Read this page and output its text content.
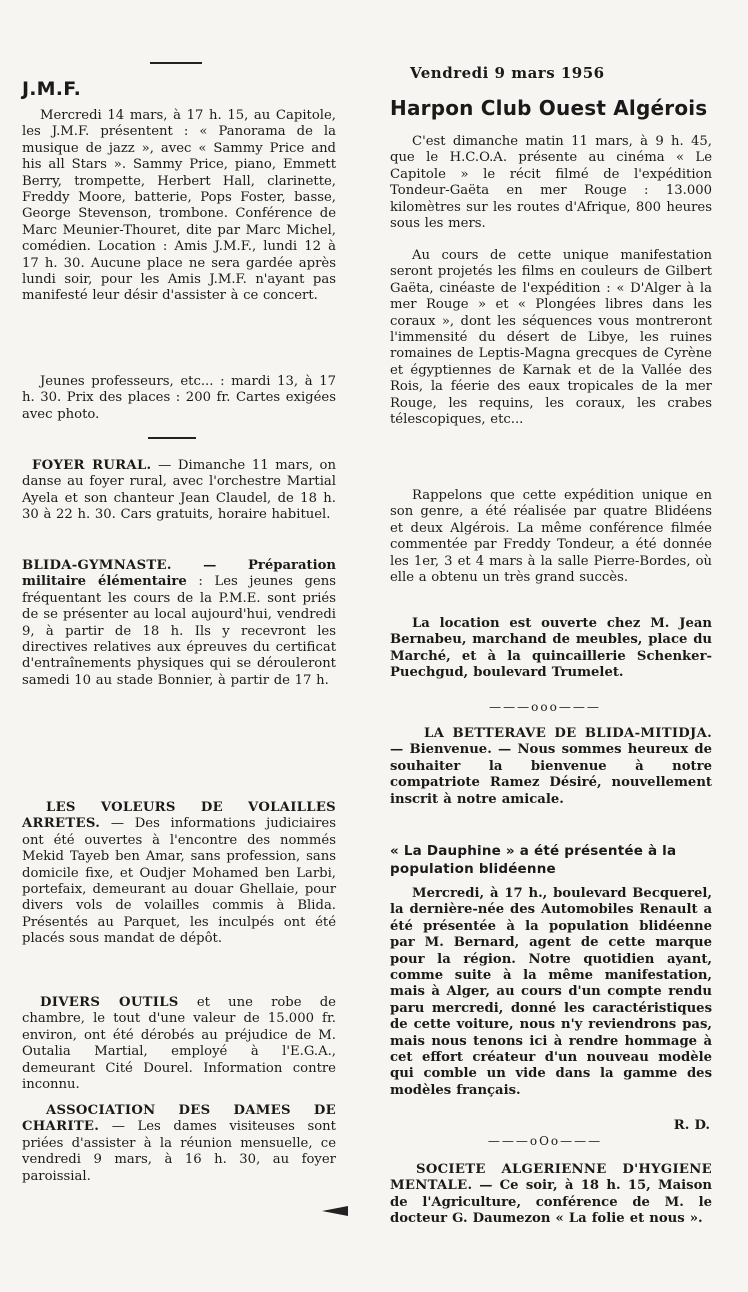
J.M.F.
Mercredi 14 mars, à 17 h. 15, au Capitole, les J.M.F. présentent : « Panorama de la musique de jazz », avec « Sammy Price and his all Stars ». Sammy Price, piano, Emmett Berry, trompette, Herbert Hall, clarinette, Freddy Moore, batterie, Pops Foster, basse, George Stevenson, trombone. Conférence de Marc Meunier-Thouret, dite par Marc Michel, comédien. Location : Amis J.M.F., lundi 12 à 17 h. 30. Aucune place ne sera gardée après lundi soir, pour les Amis J.M.F. n'ayant pas manifesté leur désir d'assister à ce concert.
Jeunes professeurs, etc... : mardi 13, à 17 h. 30. Prix des places : 200 fr. Cartes exigées avec photo.
FOYER RURAL. — Dimanche 11 mars, on danse au foyer rural, avec l'orchestre Martial Ayela et son chanteur Jean Claudel, de 18 h. 30 à 22 h. 30. Cars gratuits, horaire habituel.
BLIDA-GYMNASTE. — Préparation militaire élémentaire : Les jeunes gens fréquentant les cours de la P.M.E. sont priés de se présenter au local aujourd'hui, vendredi 9, à partir de 18 h. Ils y recevront les directives relatives aux épreuves du certificat d'entraînements physiques qui se dérouleront samedi 10 au stade Bonnier, à partir de 17 h.
LES VOLEURS DE VOLAILLES ARRETES. — Des informations judiciaires ont été ouvertes à l'encontre des nommés Mekid Tayeb ben Amar, sans profession, sans domicile fixe, et Oudjer Mohamed ben Larbi, portefaix, demeurant au douar Ghellaie, pour divers vols de volailles commis à Blida. Présentés au Parquet, les inculpés ont été placés sous mandat de dépôt.
DIVERS OUTILS et une robe de chambre, le tout d'une valeur de 15.000 fr. environ, ont été dérobés au préjudice de M. Outalia Martial, employé à l'E.G.A., demeurant Cité Dourel. Information contre inconnu.
ASSOCIATION DES DAMES DE CHARITE. — Les dames visiteuses sont priées d'assister à la réunion mensuelle, ce vendredi 9 mars, à 16 h. 30, au foyer paroissial.
Vendredi 9 mars 1956
Harpon Club Ouest Algérois
C'est dimanche matin 11 mars, à 9 h. 45, que le H.C.O.A. présente au cinéma « Le Capitole » le récit filmé de l'expédition Tondeur-Gaëta en mer Rouge : 13.000 kilomètres sur les routes d'Afrique, 800 heures sous les mers.
Au cours de cette unique manifestation seront projetés les films en couleurs de Gilbert Gaëta, cinéaste de l'expédition : « D'Alger à la mer Rouge » et « Plongées libres dans les coraux », dont les séquences vous montreront l'immensité du désert de Libye, les ruines romaines de Leptis-Magna grecques de Cyrène et égyptiennes de Karnak et de la Vallée des Rois, la féerie des eaux tropicales de la mer Rouge, les requins, les coraux, les crabes télescopiques, etc...
Rappelons que cette expédition unique en son genre, a été réalisée par quatre Blidéens et deux Algérois. La même conférence filmée commentée par Freddy Tondeur, a été donnée les 1er, 3 et 4 mars à la salle Pierre-Bordes, où elle a obtenu un très grand succès.
La location est ouverte chez M. Jean Bernabeu, marchand de meubles, place du Marché, et à la quincaillerie Schenker-Puechgud, boulevard Trumelet.
———ooo———
LA BETTERAVE DE BLIDA-MITIDJA. — Bienvenue. — Nous sommes heureux de souhaiter la bienvenue à notre compatriote Ramez Désiré, nouvellement inscrit à notre amicale.
« La Dauphine » a été présentée à la population blidéenne
Mercredi, à 17 h., boulevard Becquerel, la dernière-née des Automobiles Renault a été présentée à la population blidéenne par M. Bernard, agent de cette marque pour la région. Notre quotidien ayant, comme suite à la même manifestation, mais à Alger, au cours d'un compte rendu paru mercredi, donné les caractéristiques de cette voiture, nous n'y reviendrons pas, mais nous tenons ici à rendre hommage à cet effort créateur d'un nouveau modèle qui comble un vide dans la gamme des modèles français.
R. D.
———oOo———
SOCIETE ALGERIENNE D'HYGIENE MENTALE. — Ce soir, à 18 h. 15, Maison de l'Agriculture, conférence de M. le docteur G. Daumezon « La folie et nous ».
